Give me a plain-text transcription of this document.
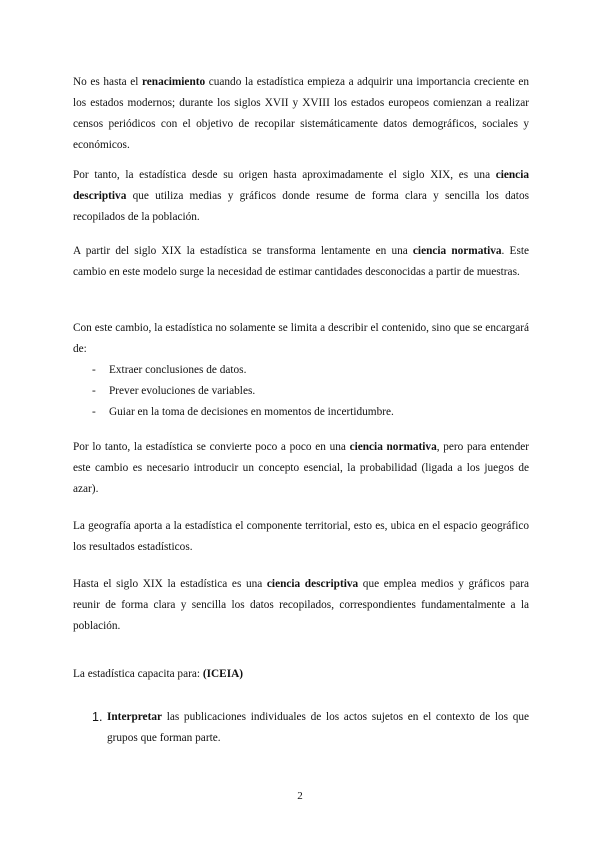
No es hasta el renacimiento cuando la estadística empieza a adquirir una importancia creciente en los estados modernos; durante los siglos XVII y XVIII los estados europeos comienzan a realizar censos periódicos con el objetivo de recopilar sistemáticamente datos demográficos, sociales y económicos.

Por tanto, la estadística desde su origen hasta aproximadamente el siglo XIX, es una ciencia descriptiva que utiliza medias y gráficos donde resume de forma clara y sencilla los datos recopilados de la población.

A partir del siglo XIX la estadística se transforma lentamente en una ciencia normativa. Este cambio en este modelo surge la necesidad de estimar cantidades desconocidas a partir de muestras.

Con este cambio, la estadística no solamente se limita a describir el contenido, sino que se encargará de:

- Extraer conclusiones de datos.
- Prever evoluciones de variables.
- Guiar en la toma de decisiones en momentos de incertidumbre.

Por lo tanto, la estadística se convierte poco a poco en una ciencia normativa, pero para entender este cambio es necesario introducir un concepto esencial, la probabilidad (ligada a los juegos de azar).

La geografía aporta a la estadística el componente territorial, esto es, ubica en el espacio geográfico los resultados estadísticos.

Hasta el siglo XIX la estadística es una ciencia descriptiva que emplea medios y gráficos para reunir de forma clara y sencilla los datos recopilados, correspondientes fundamentalmente a la población.

La estadística capacita para: (ICEIA)

1. Interpretar las publicaciones individuales de los actos sujetos en el contexto de los que grupos que forman parte.
2
